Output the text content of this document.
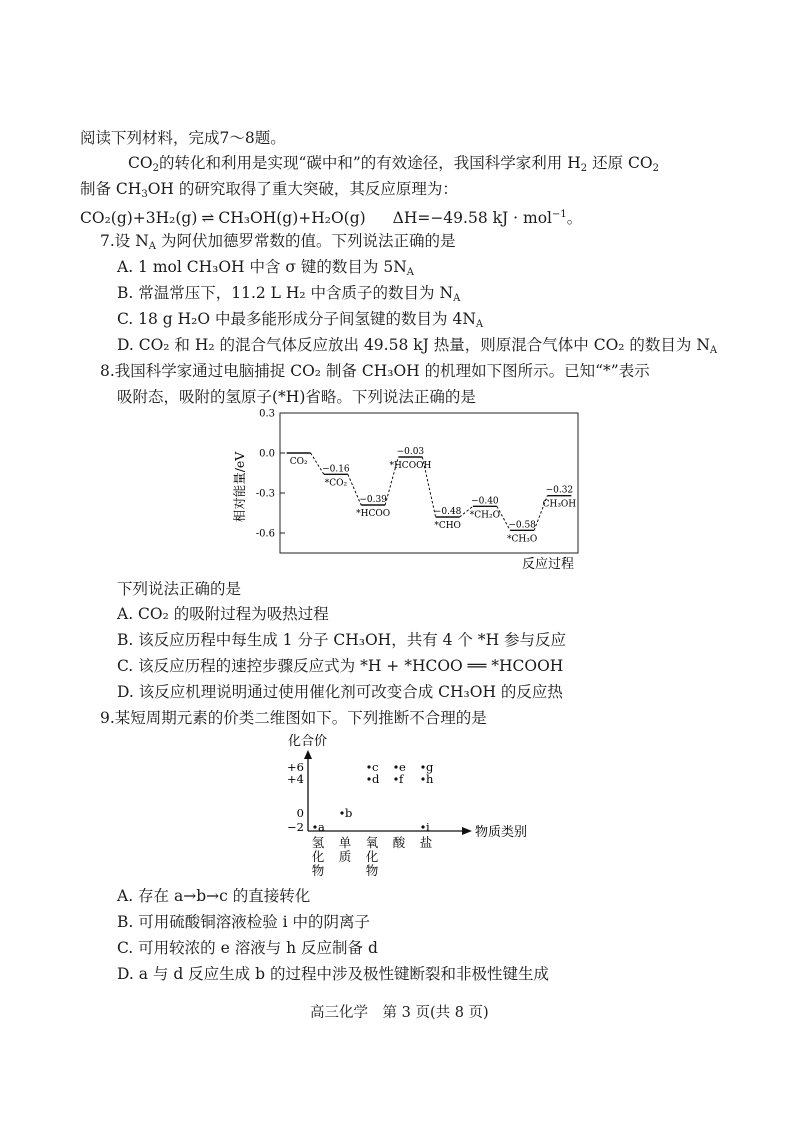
阅读下列材料，完成7～8题。
$CO_2$的转化和利用是实现“碳中和”的有效途径，我国科学家利用 $H_2$ 还原 $CO_2$
制备 $CH_3OH$ 的研究取得了重大突破，其反应原理为：
CO₂(g)+3H₂(g) ⇌ CH₃OH(g)+H₂O(g) ΔH=−49.58 kJ · mol$^{-1}$。
7.设 $N_A$ 为阿伏加德罗常数的值。下列说法正确的是
A. 1 mol CH₃OH 中含 σ 键的数目为 $5N_A$
B. 常温常压下，11.2 L H₂ 中含质子的数目为 $N_A$
C. 18 g H₂O 中最多能形成分子间氢键的数目为 $4N_A$
D. CO₂ 和 H₂ 的混合气体反应放出 49.58 kJ 热量，则原混合气体中 CO₂ 的数目为 $N_A$
8.我国科学家通过电脑捕捉 CO₂ 制备 CH₃OH 的机理如下图所示。已知“*”表示
吸附态，吸附的氢原子(*H)省略。下列说法正确的是
0.3
0.0
-0.3
-0.6
−0.16
−0.39
−0.03
−0.48
−0.40
−0.58
−0.32
CO₂
*CO₂
*HCOO
*HCOOH
*CHO
*CH₂O
*CH₃O
CH₃OH
相对能量/eV
反应过程
下列说法正确的是
A. CO₂ 的吸附过程为吸热过程
B. 该反应历程中每生成 1 分子 CH₃OH，共有 4 个 *H 参与反应
C. 该反应历程的速控步骤反应式为 *H + *HCOO ══ *HCOOH
D. 该反应机理说明通过使用催化剂可改变合成 CH₃OH 的反应热
9.某短周期元素的价类二维图如下。下列推断不合理的是
+6
+4
0
−2 a
b
c
d
e
f
g
h
i
氢化物
单质
氧化物
酸 盐
化合价
物质类别
A. 存在 a→b→c 的直接转化
B. 可用硫酸铜溶液检验 i 中的阴离子
C. 可用较浓的 e 溶液与 h 反应制备 d
D. a 与 d 反应生成 b 的过程中涉及极性键断裂和非极性键生成
高三化学　第 3 页(共 8 页)
